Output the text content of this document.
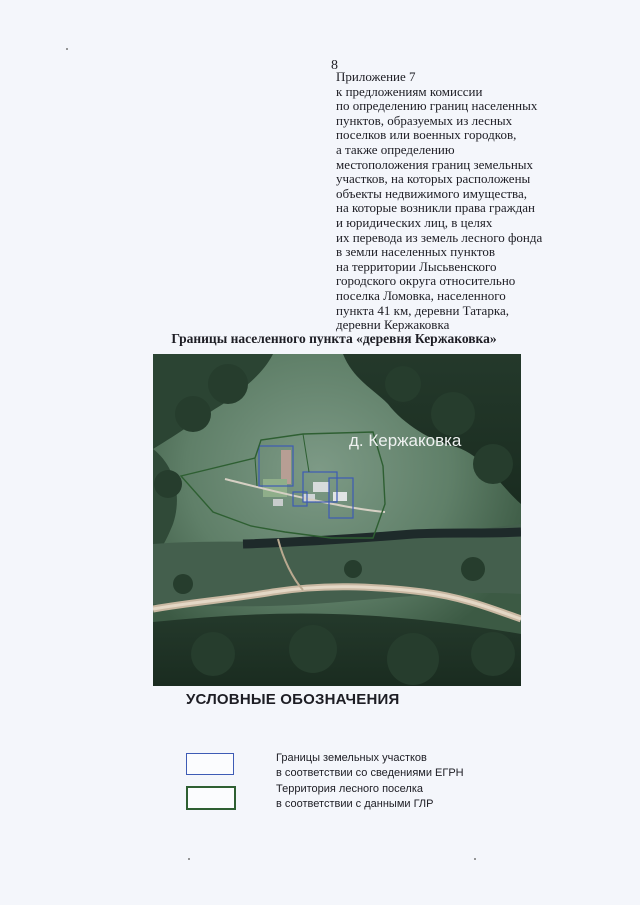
8
Приложение 7
к предложениям комиссии
по определению границ населенных
пунктов, образуемых из лесных
поселков или военных городков,
а также определению
местоположения границ земельных
участков, на которых расположены
объекты недвижимого имущества,
на которые возникли права граждан
и юридических лиц, в целях
их перевода из земель лесного фонда
в земли населенных пунктов
на территории Лысьвенского
городского округа относительно
поселка Ломовка, населенного
пункта 41 км, деревни Татарка,
деревни Кержаковка
Границы населенного пункта «деревня Кержаковка»
д. Кержаковка
УСЛОВНЫЕ ОБОЗНАЧЕНИЯ
Границы земельных участков
в соответствии со сведениями ЕГРН
Территория лесного поселка
в соответствии с данными ГЛР
